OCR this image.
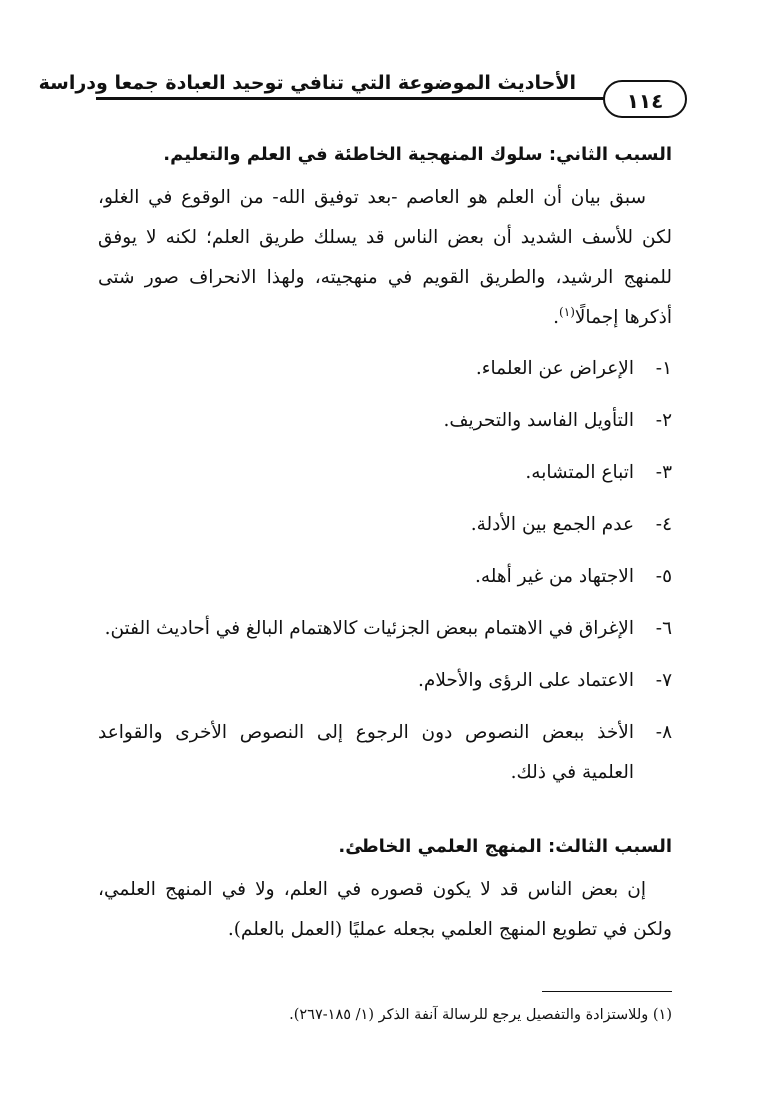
الأحاديث الموضوعة التي تنافي توحيد العبادة جمعا ودراسة
١١٤
السبب الثاني: سلوك المنهجية الخاطئة في العلم والتعليم.
سبق بيان أن العلم هو العاصم -بعد توفيق الله- من الوقوع في الغلو، لكن للأسف الشديد أن بعض الناس قد يسلك طريق العلم؛ لكنه لا يوفق للمنهج الرشيد، والطريق القويم في منهجيته، ولهذا الانحراف صور شتى أذكرها إجمالًا$^{(١)}$.
١-
الإعراض عن العلماء.
٢-
التأويل الفاسد والتحريف.
٣-
اتباع المتشابه.
٤-
عدم الجمع بين الأدلة.
٥-
الاجتهاد من غير أهله.
٦-
الإغراق في الاهتمام ببعض الجزئيات كالاهتمام البالغ في أحاديث الفتن.
٧-
الاعتماد على الرؤى والأحلام.
٨-
الأخذ ببعض النصوص دون الرجوع إلى النصوص الأخرى والقواعد العلمية في ذلك.
السبب الثالث: المنهج العلمي الخاطئ.
إن بعض الناس قد لا يكون قصوره في العلم، ولا في المنهج العلمي، ولكن في تطويع المنهج العلمي بجعله عمليًا (العمل بالعلم).
(١) وللاستزادة والتفصيل يرجع للرسالة آنفة الذكر (١/ ١٨٥-٢٦٧).
